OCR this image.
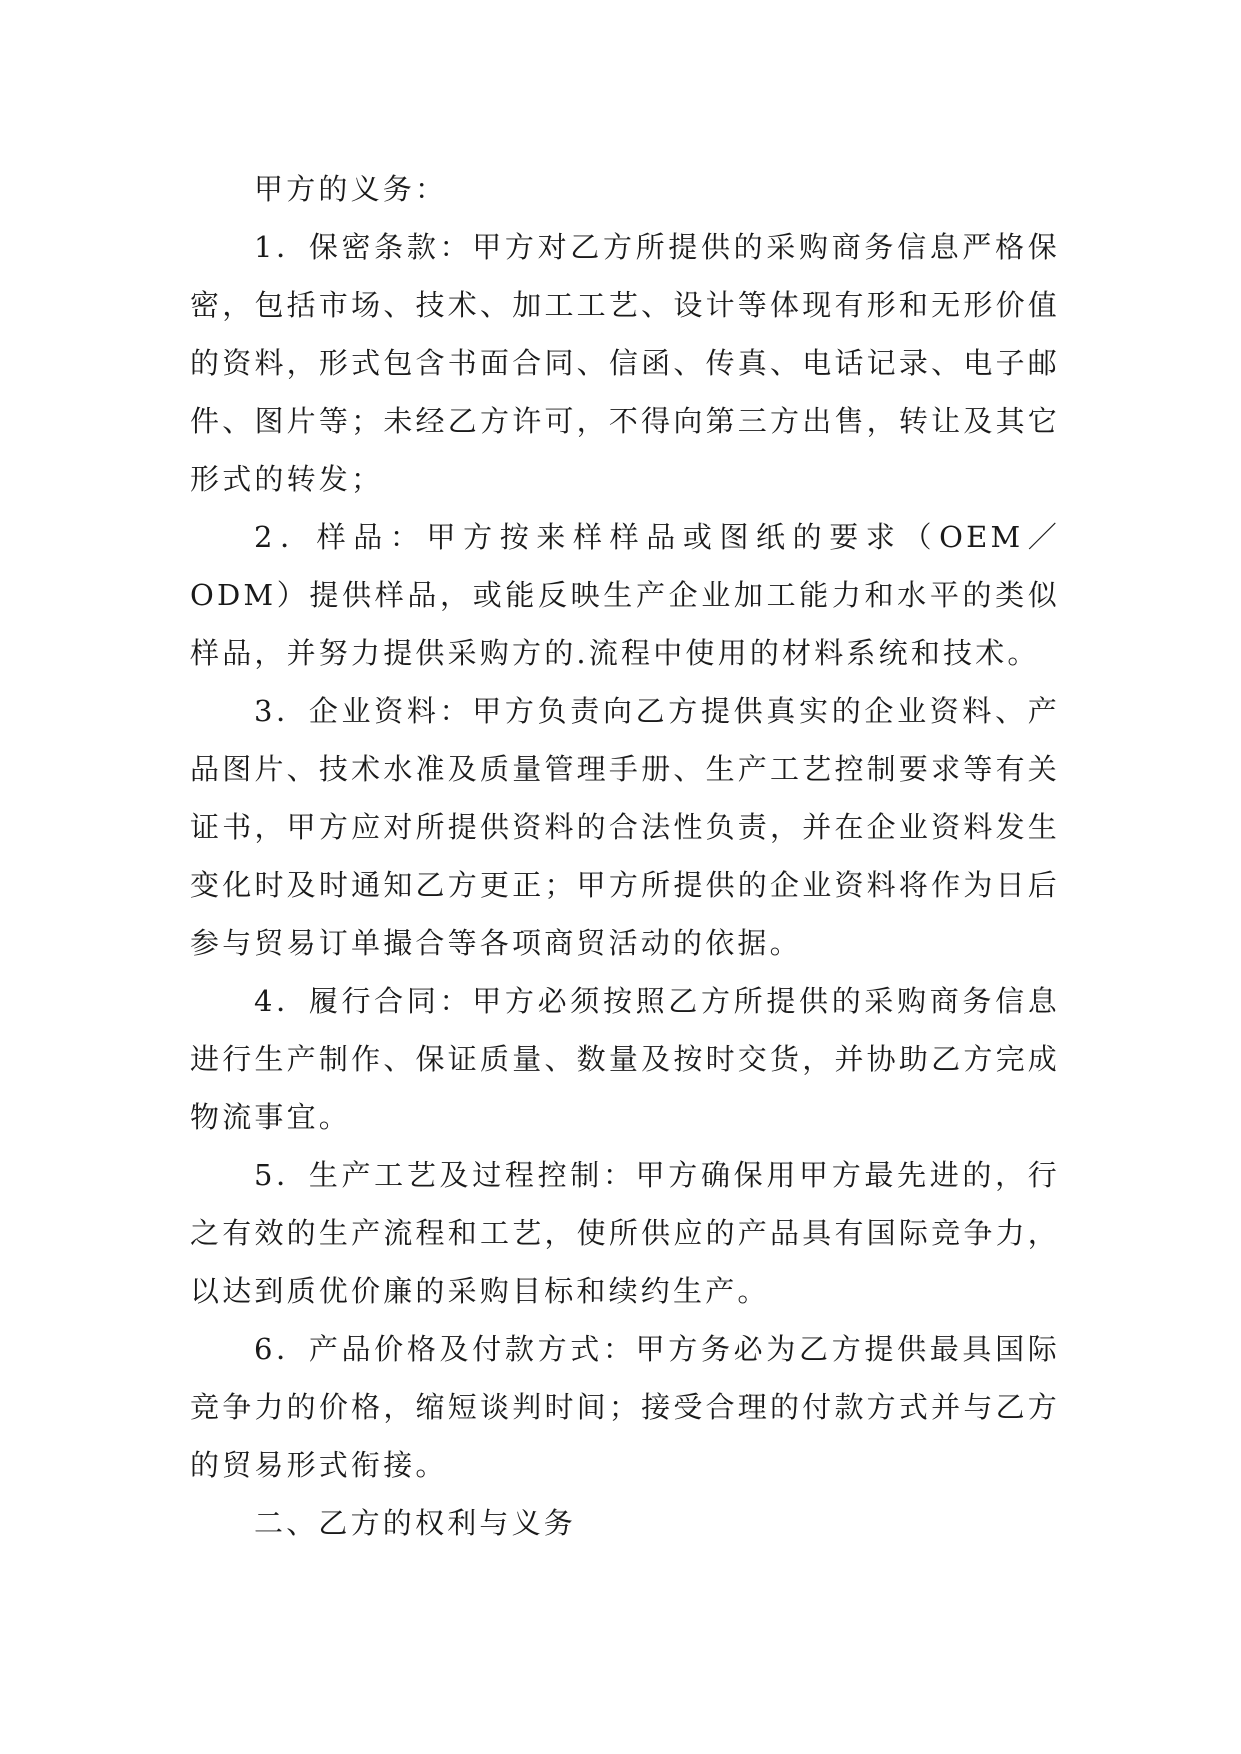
甲方的义务：

1．保密条款：甲方对乙方所提供的采购商务信息严格保密，包括市场、技术、加工工艺、设计等体现有形和无形价值的资料，形式包含书面合同、信函、传真、电话记录、电子邮件、图片等；未经乙方许可，不得向第三方出售，转让及其它形式的转发；

2．样品：甲方按来样样品或图纸的要求（OEM／ODM）提供样品，或能反映生产企业加工能力和水平的类似样品，并努力提供采购方的.流程中使用的材料系统和技术。

3．企业资料：甲方负责向乙方提供真实的企业资料、产品图片、技术水准及质量管理手册、生产工艺控制要求等有关证书，甲方应对所提供资料的合法性负责，并在企业资料发生变化时及时通知乙方更正；甲方所提供的企业资料将作为日后参与贸易订单撮合等各项商贸活动的依据。

4．履行合同：甲方必须按照乙方所提供的采购商务信息进行生产制作、保证质量、数量及按时交货，并协助乙方完成物流事宜。

5．生产工艺及过程控制：甲方确保用甲方最先进的，行之有效的生产流程和工艺，使所供应的产品具有国际竞争力，以达到质优价廉的采购目标和续约生产。

6．产品价格及付款方式：甲方务必为乙方提供最具国际竞争力的价格，缩短谈判时间；接受合理的付款方式并与乙方的贸易形式衔接。

二、乙方的权利与义务
